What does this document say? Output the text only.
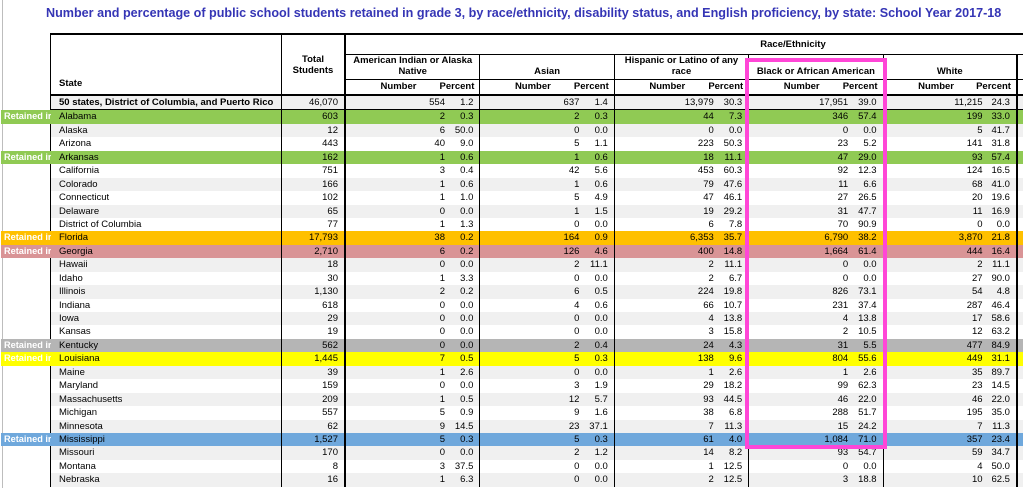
Number and percentage of public school students retained in grade 3, by race/ethnicity, disability status, and English proficiency, by state: School Year 2017-18
State
Total Students
Race/Ethnicity
American Indian or Alaska Native
Number	Percent
Asian
Number	Percent
Hispanic or Latino of any race
Number	Percent
Black or African American
Number	Percent
White
Number	Percent
50 states, District of Columbia, and Puerto Rico	46,070	554 1.2	637 1.4	13,979 30.3	17,951 39.0	11,215 24.3
Alabama	603	2 0.3	2 0.3	44 7.3	346 57.4	199 33.0
Retained ir
Alaska	12	6 50.0	0 0.0	0 0.0	0 0.0	5 41.7
Arizona	443	40 9.0	5 1.1	223 50.3	23 5.2	141 31.8
Arkansas	162	1 0.6	1 0.6	18 11.1	47 29.0	93 57.4
Retained ir
California	751	3 0.4	42 5.6	453 60.3	92 12.3	124 16.5
Colorado	166	1 0.6	1 0.6	79 47.6	11 6.6	68 41.0
Connecticut	102	1 1.0	5 4.9	47 46.1	27 26.5	20 19.6
Delaware	65	0 0.0	1 1.5	19 29.2	31 47.7	11 16.9
District of Columbia	77	1 1.3	0 0.0	6 7.8	70 90.9	0 0.0
Florida	17,793	38 0.2	164 0.9	6,353 35.7	6,790 38.2	3,870 21.8
Retained ir
Georgia	2,710	6 0.2	126 4.6	400 14.8	1,664 61.4	444 16.4
Retained ir
Hawaii	18	0 0.0	2 11.1	2 11.1	0 0.0	2 11.1
Idaho	30	1 3.3	0 0.0	2 6.7	0 0.0	27 90.0
Illinois	1,130	2 0.2	6 0.5	224 19.8	826 73.1	54 4.8
Indiana	618	0 0.0	4 0.6	66 10.7	231 37.4	287 46.4
Iowa	29	0 0.0	0 0.0	4 13.8	4 13.8	17 58.6
Kansas	19	0 0.0	0 0.0	3 15.8	2 10.5	12 63.2
Kentucky	562	0 0.0	2 0.4	24 4.3	31 5.5	477 84.9
Retained ir
Louisiana	1,445	7 0.5	5 0.3	138 9.6	804 55.6	449 31.1
Retained ir
Maine	39	1 2.6	0 0.0	1 2.6	1 2.6	35 89.7
Maryland	159	0 0.0	3 1.9	29 18.2	99 62.3	23 14.5
Massachusetts	209	1 0.5	12 5.7	93 44.5	46 22.0	46 22.0
Michigan	557	5 0.9	9 1.6	38 6.8	288 51.7	195 35.0
Minnesota	62	9 14.5	23 37.1	7 11.3	15 24.2	7 11.3
Mississippi	1,527	5 0.3	5 0.3	61 4.0	1,084 71.0	357 23.4
Retained ir
Missouri	170	0 0.0	2 1.2	14 8.2	93 54.7	59 34.7
Montana	8	3 37.5	0 0.0	1 12.5	0 0.0	4 50.0
Nebraska	16	1 6.3	0 0.0	2 12.5	3 18.8	10 62.5
